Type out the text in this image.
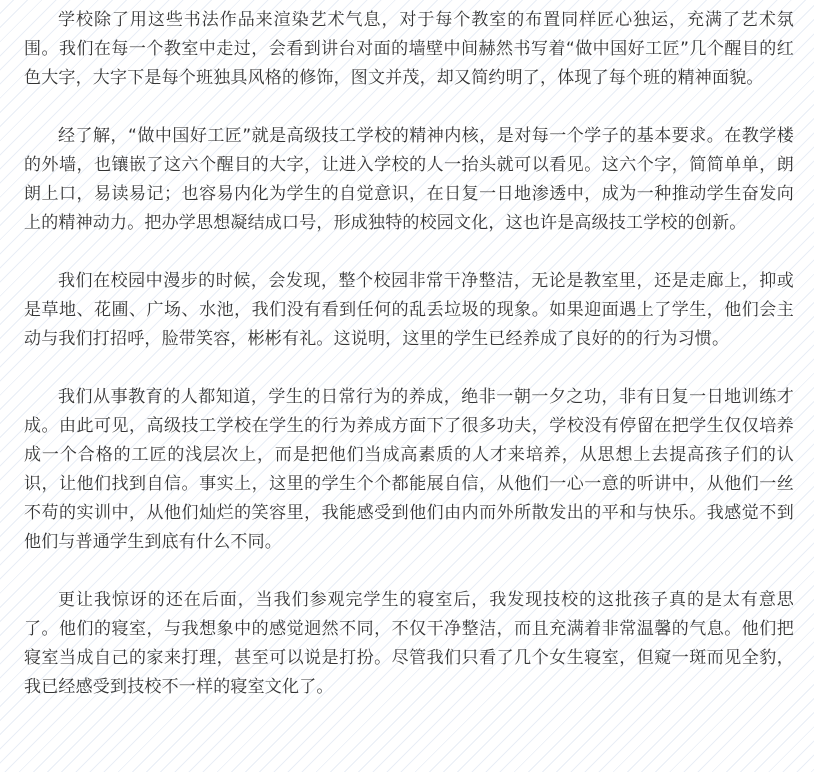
学校除了用这些书法作品来渲染艺术气息，对于每个教室的布置同样匠心独运，充满了艺术氛围。我们在每一个教室中走过，会看到讲台对面的墙壁中间赫然书写着“做中国好工匠”几个醒目的红色大字，大字下是每个班独具风格的修饰，图文并茂，却又简约明了，体现了每个班的精神面貌。

经了解，“做中国好工匠”就是高级技工学校的精神内核，是对每一个学子的基本要求。在教学楼的外墙，也镶嵌了这六个醒目的大字，让进入学校的人一抬头就可以看见。这六个字，简简单单，朗朗上口，易读易记；也容易内化为学生的自觉意识，在日复一日地渗透中，成为一种推动学生奋发向上的精神动力。把办学思想凝结成口号，形成独特的校园文化，这也许是高级技工学校的创新。

我们在校园中漫步的时候，会发现，整个校园非常干净整洁，无论是教室里，还是走廊上，抑或是草地、花圃、广场、水池，我们没有看到任何的乱丢垃圾的现象。如果迎面遇上了学生，他们会主动与我们打招呼，脸带笑容，彬彬有礼。这说明，这里的学生已经养成了良好的的行为习惯。

我们从事教育的人都知道，学生的日常行为的养成，绝非一朝一夕之功，非有日复一日地训练才成。由此可见，高级技工学校在学生的行为养成方面下了很多功夫，学校没有停留在把学生仅仅培养成一个合格的工匠的浅层次上，而是把他们当成高素质的人才来培养，从思想上去提高孩子们的认识，让他们找到自信。事实上，这里的学生个个都能展自信，从他们一心一意的听讲中，从他们一丝不苟的实训中，从他们灿烂的笑容里，我能感受到他们由内而外所散发出的平和与快乐。我感觉不到他们与普通学生到底有什么不同。

更让我惊讶的还在后面，当我们参观完学生的寝室后，我发现技校的这批孩子真的是太有意思了。他们的寝室，与我想象中的感觉迥然不同，不仅干净整洁，而且充满着非常温馨的气息。他们把寝室当成自己的家来打理，甚至可以说是打扮。尽管我们只看了几个女生寝室，但窥一斑而见全豹，我已经感受到技校不一样的寝室文化了。
